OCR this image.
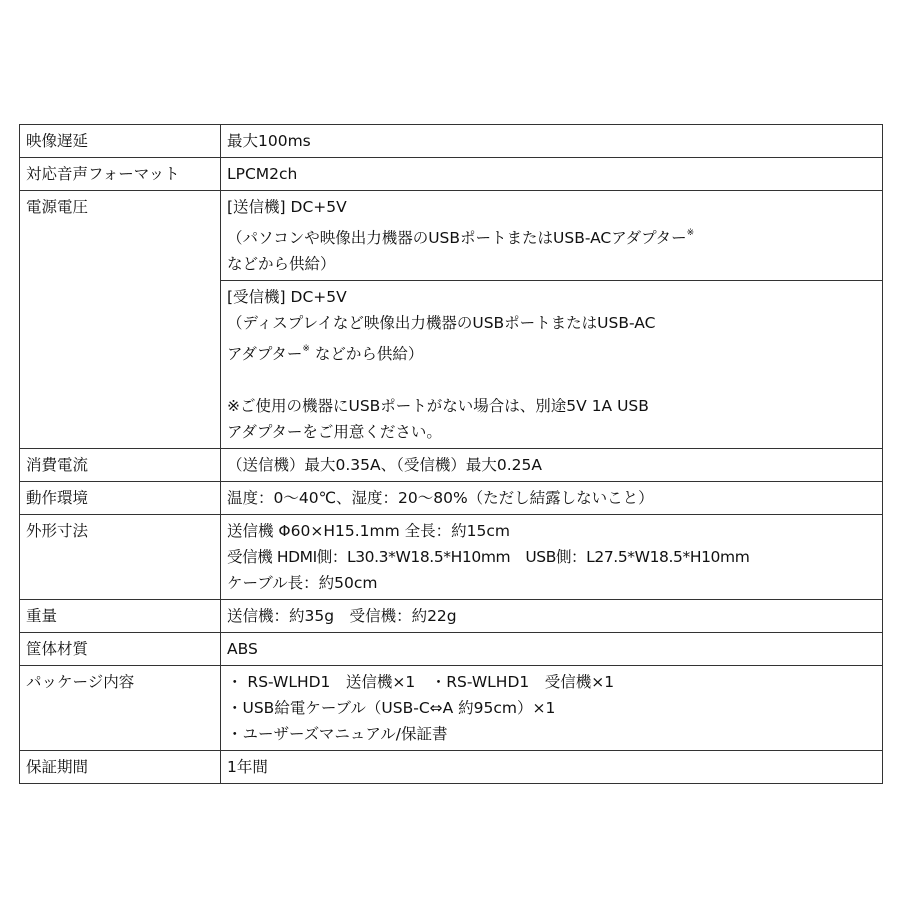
映像遅延	最大100ms

対応音声フォーマット	LPCM2ch

電源電圧	[送信機] DC+5V
（パソコンや映像出力機器のUSBポートまたはUSB-ACアダプター※
などから供給）

	[受信機] DC+5V
（ディスプレイなど映像出力機器のUSBポートまたはUSB-AC
アダプター※ などから供給）
※ご使用の機器にUSBポートがない場合は、別途5V 1A USB
アダプターをご用意ください。

消費電流	（送信機）最大0.35A、（受信機）最大0.25A

動作環境	温度：0～40℃、湿度：20～80%（ただし結露しないこと）

外形寸法	送信機 Φ60×H15.1mm 全長：約15cm
受信機 HDMI側：L30.3*W18.5*H10mm　USB側：L27.5*W18.5*H10mm
ケーブル長：約50cm

重量	送信機：約35g　受信機：約22g

筐体材質	ABS

パッケージ内容	・ RS-WLHD1　送信機×1　・RS-WLHD1　受信機×1
・USB給電ケーブル（USB-C⇔A 約95cm）×1
・ユーザーズマニュアル/保証書

保証期間	1年間
